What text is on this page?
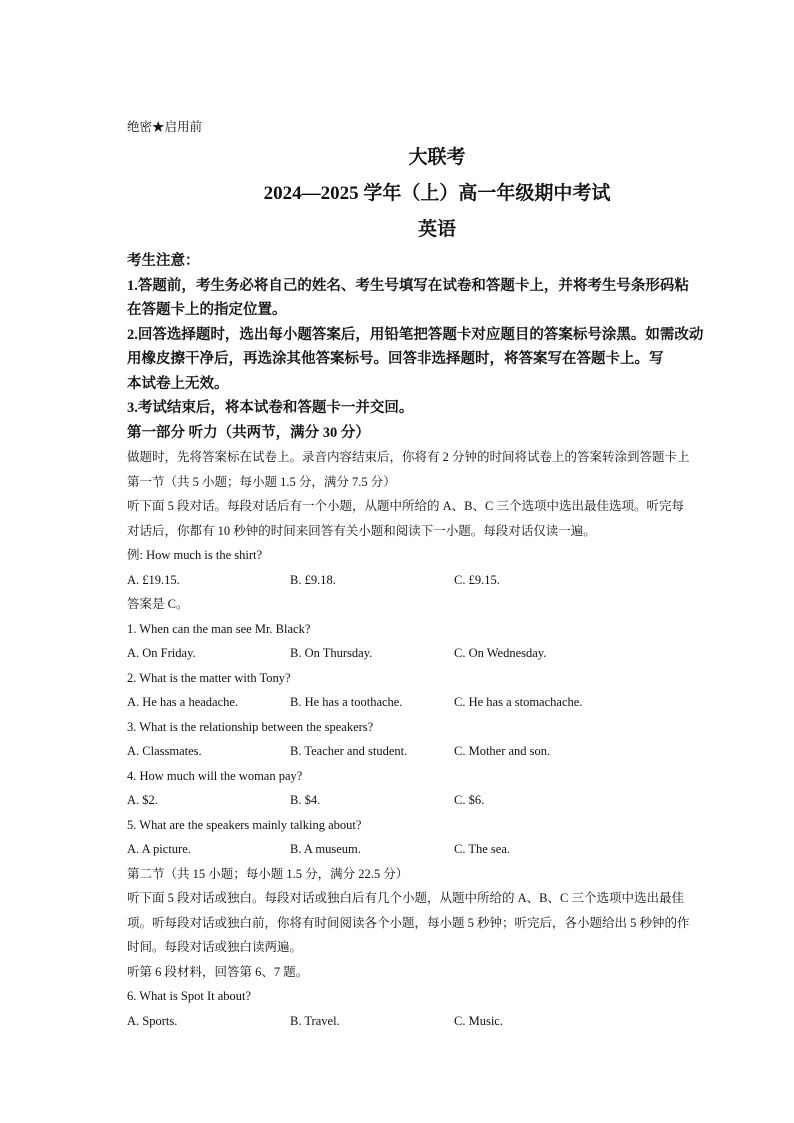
绝密★启用前
大联考
2024—2025 学年（上）高一年级期中考试
英语
考生注意：
1.答题前，考生务必将自己的姓名、考生号填写在试卷和答题卡上，并将考生号条形码粘
在答题卡上的指定位置。
2.回答选择题时，选出每小题答案后，用铅笔把答题卡对应题目的答案标号涂黑。如需改动
用橡皮擦干净后，再选涂其他答案标号。回答非选择题时，将答案写在答题卡上。写
本试卷上无效。
3.考试结束后，将本试卷和答题卡一并交回。
第一部分 听力（共两节，满分 30 分）
做题时，先将答案标在试卷上。录音内容结束后，你将有 2 分钟的时间将试卷上的答案转涂到答题卡上
第一节（共 5 小题；每小题 1.5 分，满分 7.5 分）
听下面 5 段对话。每段对话后有一个小题，从题中所给的 A、B、C 三个选项中选出最佳选项。听完每
对话后，你都有 10 秒钟的时间来回答有关小题和阅读下一小题。每段对话仅读一遍。
例: How much is the shirt?
A. £19.15.	B. £9.18.	C. £9.15.
答案是 C。
1. When can the man see Mr. Black?
A. On Friday.	B. On Thursday.	C. On Wednesday.
2. What is the matter with Tony?
A. He has a headache.	B. He has a toothache.	C. He has a stomachache.
3. What is the relationship between the speakers?
A. Classmates.	B. Teacher and student.	C. Mother and son.
4. How much will the woman pay?
A. $2.	B. $4.	C. $6.
5. What are the speakers mainly talking about?
A. A picture.	B. A museum.	C. The sea.
第二节（共 15 小题；每小题 1.5 分，满分 22.5 分）
听下面 5 段对话或独白。每段对话或独白后有几个小题，从题中所给的 A、B、C 三个选项中选出最佳
项。听每段对话或独白前，你将有时间阅读各个小题，每小题 5 秒钟；听完后，各小题给出 5 秒钟的作
时间。每段对话或独白读两遍。
听第 6 段材料，回答第 6、7 题。
6. What is Spot It about?
A. Sports.	B. Travel.	C. Music.
